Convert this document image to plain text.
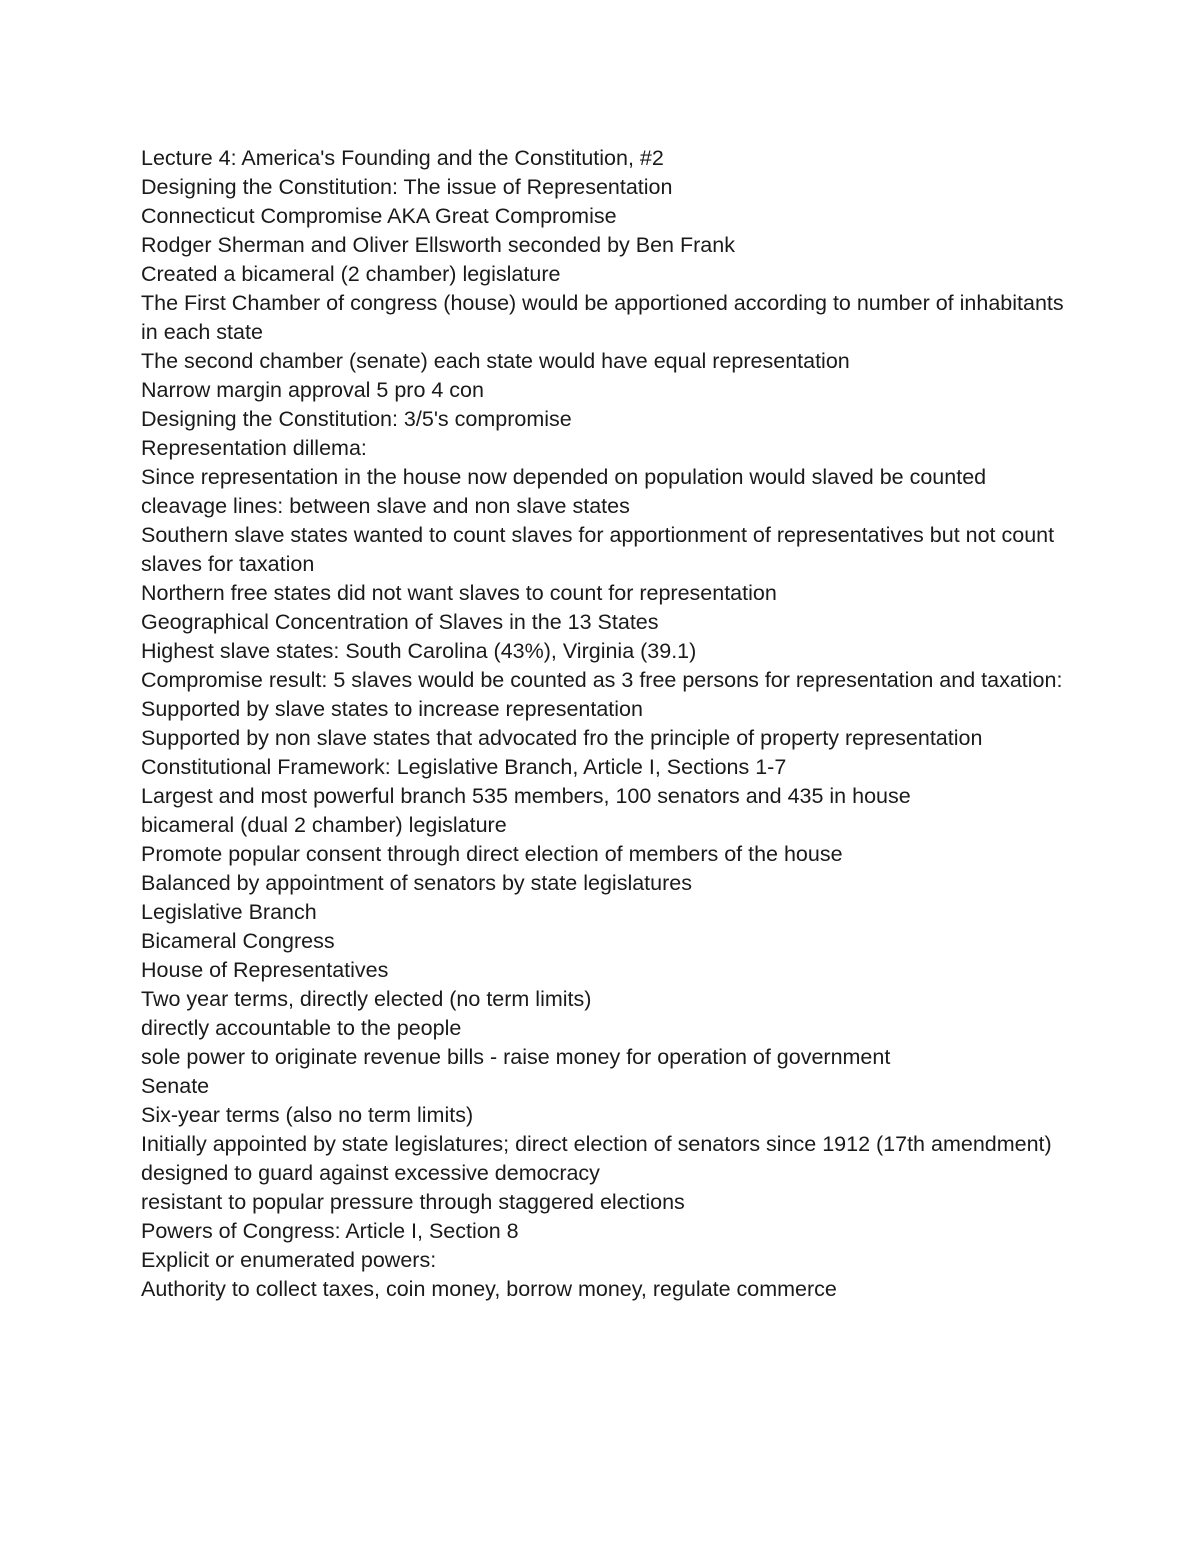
Lecture 4: America's Founding and the Constitution, #2

Designing the Constitution: The issue of Representation

Connecticut Compromise AKA Great Compromise

Rodger Sherman and Oliver Ellsworth seconded by Ben Frank

Created a bicameral (2 chamber) legislature

The First Chamber of congress (house) would be apportioned according to number of inhabitants in each state

The second chamber (senate) each state would have equal representation

Narrow margin approval 5 pro 4 con

Designing the Constitution: 3/5's compromise

Representation dillema:

Since representation in the house now depended on population would slaved be counted

cleavage lines: between slave and non slave states

Southern slave states wanted to count slaves for apportionment of representatives but not count slaves for taxation

Northern free states did not want slaves to count for representation

Geographical Concentration of Slaves in the 13 States

Highest slave states: South Carolina (43%), Virginia (39.1)

Compromise result: 5 slaves would be counted as 3 free persons for representation and taxation:

Supported by slave states to increase representation

Supported by non slave states that advocated fro the principle of property representation

Constitutional Framework: Legislative Branch, Article I, Sections 1-7

Largest and most powerful branch 535 members, 100 senators and 435 in house

bicameral (dual 2 chamber) legislature

Promote popular consent through direct election of members of the house

Balanced by appointment of senators by state legislatures

Legislative Branch

Bicameral Congress

House of Representatives

Two year terms, directly elected (no term limits)

directly accountable to the people

sole power to originate revenue bills - raise money for operation of government

Senate

Six-year terms (also no term limits)

Initially appointed by state legislatures; direct election of senators since 1912 (17th amendment)

designed to guard against excessive democracy

resistant to popular pressure through staggered elections

Powers of Congress: Article I, Section 8

Explicit or enumerated powers:

Authority to collect taxes, coin money, borrow money, regulate commerce
